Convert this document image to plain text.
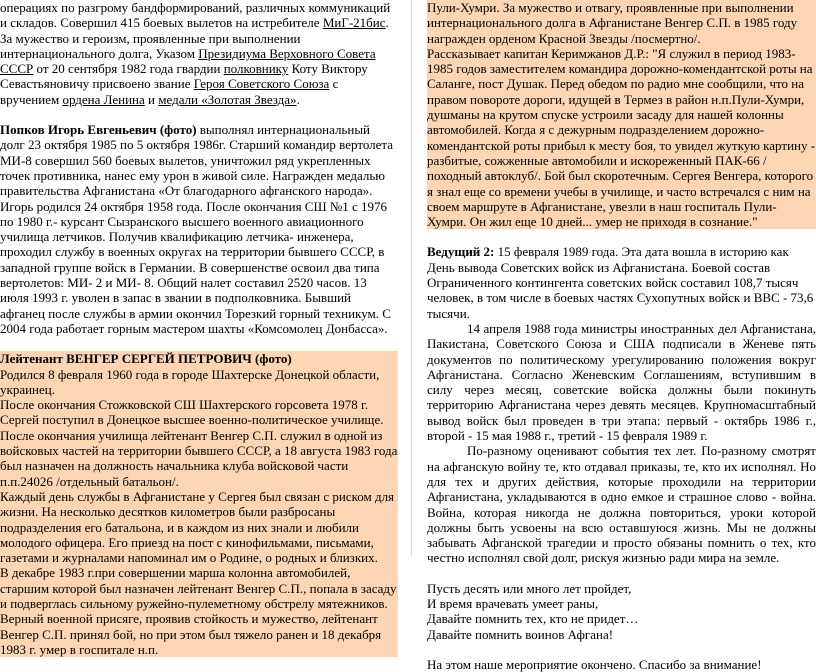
операциях по разгрому бандформирований, различных коммуникаций и складов. Совершил 415 боевых вылетов на истребителе МиГ-21бис. За мужество и героизм, проявленные при выполнении интернационального долга, Указом Президиума Верховного Совета СССР от 20 сентября 1982 года гвардии полковнику Коту Виктору Севастьяновичу присвоено звание Героя Советского Союза с вручением ордена Ленина и медали «Золотая Звезда».

Попков Игорь Евгеньевич (фото) выполнял интернациональный долг 23 октября 1985 по 5 октября 1986г. Старший командир вертолета МИ-8 совершил 560 боевых вылетов, уничтожил ряд укрепленных точек противника, нанес ему урон в живой силе. Награжден медалью правительства Афганистана «От благодарного афганского народа». Игорь родился 24 октября 1958 года. После окончания СШ №1 с 1976 по 1980 г.- курсант Сызранского высшего военного авиационного училища летчиков. Получив квалификацию летчика- инженера, проходил службу в военных округах на территории бывшего СССР, в западной группе войск в Германии. В совершенстве освоил два типа вертолетов: МИ- 2 и МИ- 8. Общий налет составил 2520 часов. 13 июля 1993 г. уволен в запас в звании в подполковника. Бывший афганец после службы в армии окончил Торезкий горный техникум. С 2004 года работает горным мастером шахты «Комсомолец Донбасса».

Лейтенант ВЕНГЕР СЕРГЕЙ ПЕТРОВИЧ (фото)

Родился 8 февраля 1960 года в городе Шахтерске Донецкой области, украинец.

После окончания Стожковской СШ Шахтерского горсовета 1978 г. Сергей поступил в Донецкое высшее военно-политическое училище. После окончания училища лейтенант Венгер С.П. служил в одной из войсковых частей на территории бывшего СССР, а 18 августа 1983 года был назначен на должность начальника клуба войсковой части п.п.24026 /отдельный батальон/.

Каждый день службы в Афганистане у Сергея был связан с риском для жизни. На несколько десятков километров были разбросаны подразделения его батальона, и в каждом из них знали и любили молодого офицера. Его приезд на пост с кинофильмами, письмами, газетами и журналами напоминал им о Родине, о родных и близких.

В декабре 1983 г.при совершении марша колонна автомобилей, старшим которой был назначен лейтенант Венгер С.П., попала в засаду и подверглась сильному ружейно-пулеметному обстрелу мятежников. Верный военной присяге, проявив стойкость и мужество, лейтенант Венгер С.П. принял бой, но при этом был тяжело ранен и 18 декабря 1983 г. умер в госпитале н.п.

Пули-Хумри. За мужество и отвагу, проявленные при выполнении интернационального долга в Афганистане Венгер С.П. в 1985 году награжден орденом Красной Звезды /посмертно/.

Рассказывает капитан Керимжанов Д.Р.: "Я служил в период 1983-1985 годов заместителем командира дорожно-комендантской роты на Саланге, пост Душак. Перед обедом по радио мне сообщили, что на правом повороте дороги, идущей в Термез в район н.п.Пули-Хумри, душманы на крутом спуске устроили засаду для нашей колонны автомобилей. Когда я с дежурным подразделением дорожно-комендантской роты прибыл к месту боя, то увидел жуткую картину - разбитые, сожженные автомобили и искореженный ПАК-66 /походный автоклуб/. Бой был скоротечным. Сергея Венгера, которого я знал еще со времени учебы в училище, и часто встречался с ним на своем маршруте в Афганистане, увезли в наш госпиталь Пули-Хумри. Он жил еще 10 дней... умер не приходя в сознание."

Ведущий 2: 15 февраля 1989 года. Эта дата вошла в историю как День вывода Советских войск из Афганистана. Боевой состав Ограниченного контингента советских войск составил 108,7 тысяч человек, в том числе в боевых частях Сухопутных войск и ВВС - 73,6 тысячи.

14 апреля 1988 года министры иностранных дел Афганистана, Пакистана, Советского Союза и США подписали в Женеве пять документов по политическому урегулированию положения вокруг Афганистана. Согласно Женевским Соглашениям, вступившим в силу через месяц, советские войска должны были покинуть территорию Афганистана через девять месяцев. Крупномасштабный вывод войск был проведен в три этапа: первый - октябрь 1986 г., второй - 15 мая 1988 г., третий - 15 февраля 1989 г.

По-разному оценивают события тех лет. По-разному смотрят на афганскую войну те, кто отдавал приказы, те, кто их исполнял. Но для тех и других действия, которые проходили на территории Афганистана, укладываются в одно емкое и страшное слово - война. Война, которая никогда не должна повториться, уроки которой должны быть усвоены на всю оставшуюся жизнь. Мы не должны забывать Афганской трагедии и просто обязаны помнить о тех, кто честно исполнял свой долг, рискуя жизнью ради мира на земле.

Пусть десять или много лет пройдет,

И время врачевать умеет раны,

Давайте помнить тех, кто не придет…

Давайте помнить воинов Афгана!

На этом наше мероприятие окончено. Спасибо за внимание!
